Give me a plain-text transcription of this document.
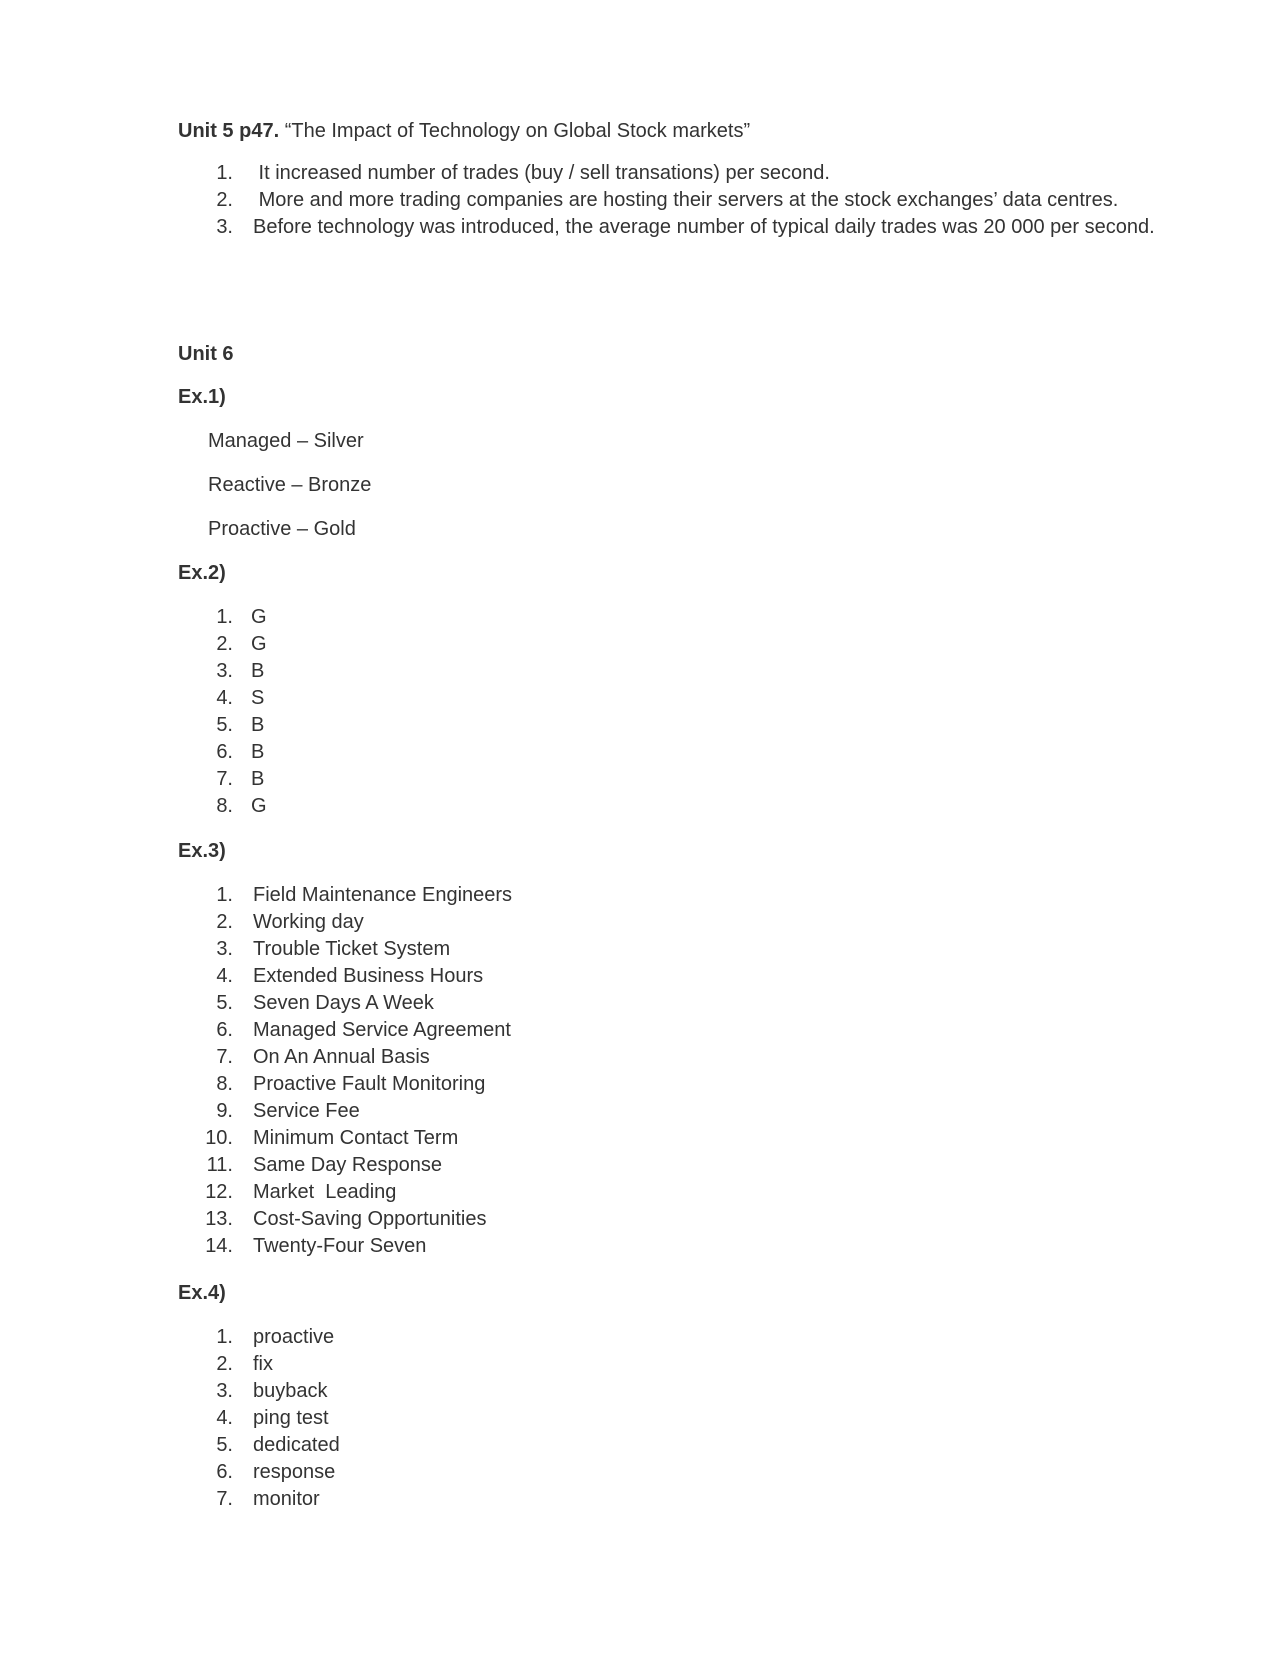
Unit 5 p47. “The Impact of Technology on Global Stock markets”
1. It increased number of trades (buy / sell transations) per second.
2. More and more trading companies are hosting their servers at the stock exchanges’ data centres.
3. Before technology was introduced, the average number of typical daily trades was 20 000 per second.
Unit 6
Ex.1)
Managed – Silver
Reactive – Bronze
Proactive – Gold
Ex.2)
1. G
2. G
3. B
4. S
5. B
6. B
7. B
8. G
Ex.3)
1. Field Maintenance Engineers
2. Working day
3. Trouble Ticket System
4. Extended Business Hours
5. Seven Days A Week
6. Managed Service Agreement
7. On An Annual Basis
8. Proactive Fault Monitoring
9. Service Fee
10. Minimum Contact Term
11. Same Day Response
12. Market  Leading
13. Cost-Saving Opportunities
14. Twenty-Four Seven
Ex.4)
1. proactive
2. fix
3. buyback
4. ping test
5. dedicated
6. response
7. monitor
